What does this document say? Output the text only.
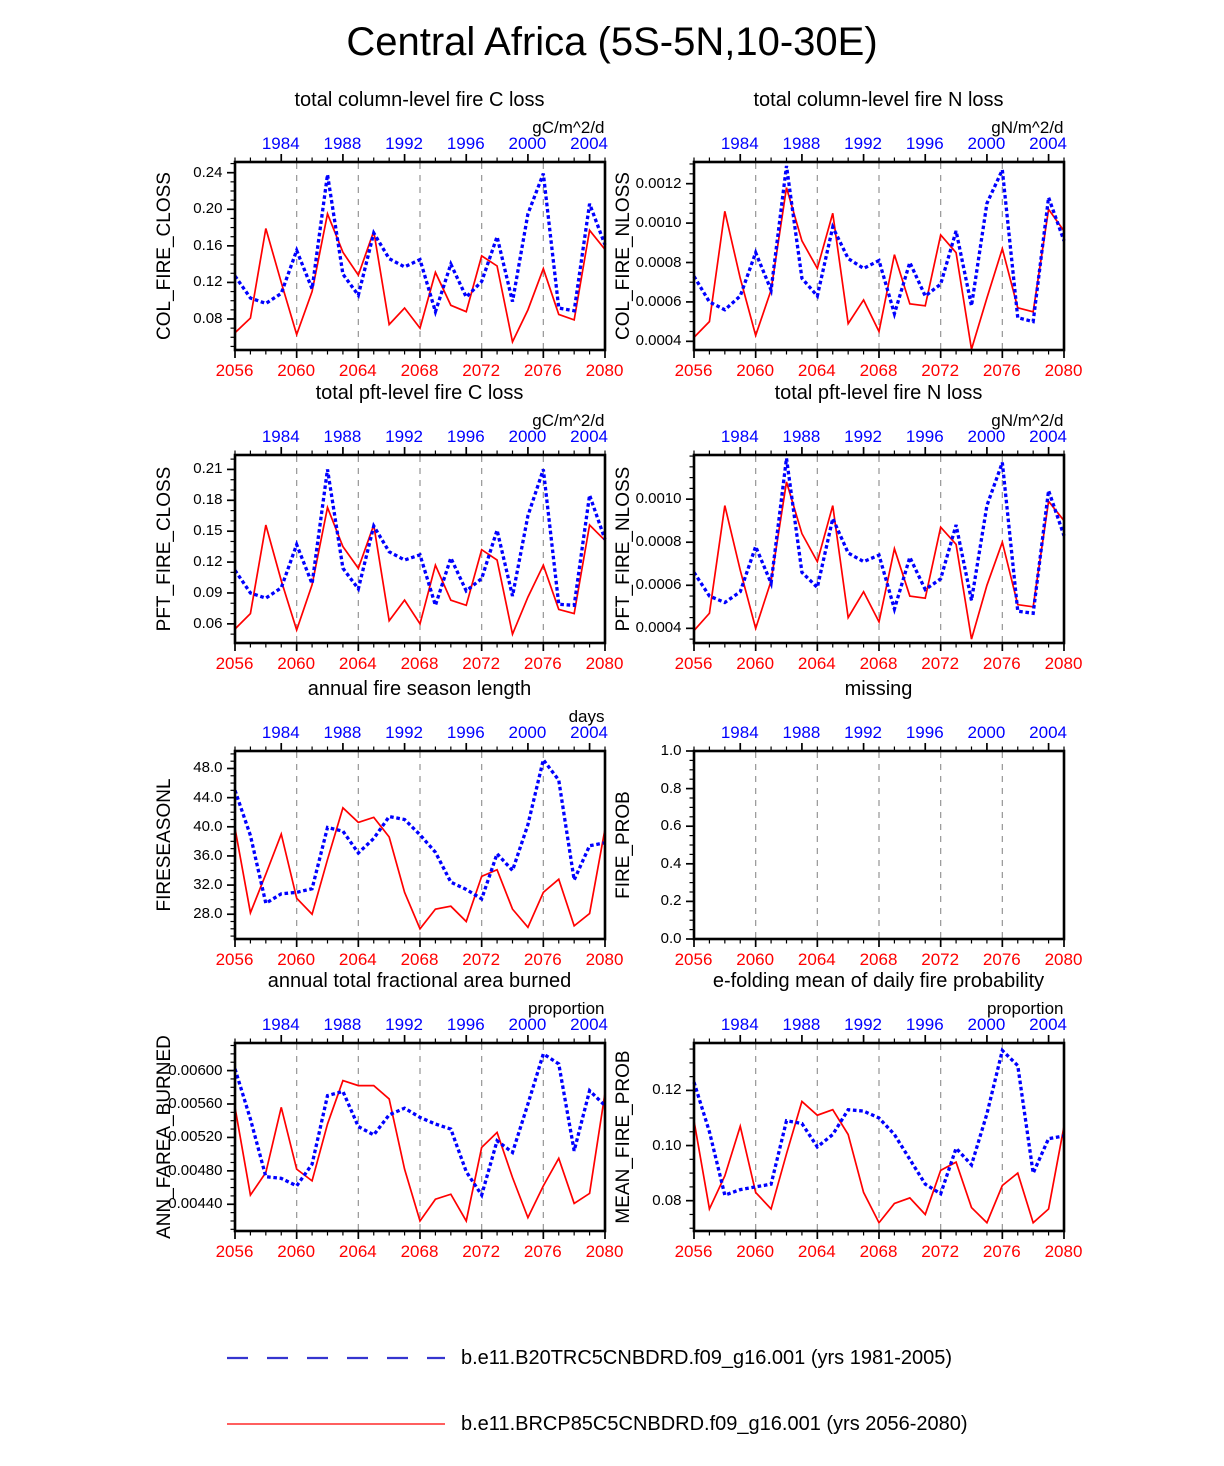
Central Africa (5S-5N,10-30E)
total column-level fire C loss
gC/m^2/d
COL_FIRE_CLOSS
1984	1988	1992	1996	2000	2004
2056	2060	2064	2068	2072	2076	2080
0.08
0.12
0.16
0.20
0.24
total column-level fire N loss
gN/m^2/d
COL_FIRE_NLOSS
1984	1988	1992	1996	2000	2004
2056	2060	2064	2068	2072	2076	2080
0.0004
0.0006
0.0008
0.0010
0.0012
total pft-level fire C loss
gC/m^2/d
PFT_FIRE_CLOSS
1984	1988	1992	1996	2000	2004
2056	2060	2064	2068	2072	2076	2080
0.06
0.09
0.12
0.15
0.18
0.21
total pft-level fire N loss
gN/m^2/d
PFT_FIRE_NLOSS
1984	1988	1992	1996	2000	2004
2056	2060	2064	2068	2072	2076	2080
0.0004
0.0006
0.0008
0.0010
annual fire season length
days
FIRESEASONL
1984	1988	1992	1996	2000	2004
2056	2060	2064	2068	2072	2076	2080
28.0
32.0
36.0
40.0
44.0
48.0
missing
FIRE_PROB
1984	1988	1992	1996	2000	2004
2056	2060	2064	2068	2072	2076	2080
0.0
0.2
0.4
0.6
0.8
1.0
annual total fractional area burned
proportion
ANN_FAREA_BURNED
1984	1988	1992	1996	2000	2004
2056	2060	2064	2068	2072	2076	2080
0.00440
0.00480
0.00520
0.00560
0.00600
e-folding mean of daily fire probability
proportion
MEAN_FIRE_PROB
1984	1988	1992	1996	2000	2004
2056	2060	2064	2068	2072	2076	2080
0.08
0.10
0.12
b.e11.B20TRC5CNBDRD.f09_g16.001 (yrs 1981-2005)
b.e11.BRCP85C5CNBDRD.f09_g16.001 (yrs 2056-2080)
